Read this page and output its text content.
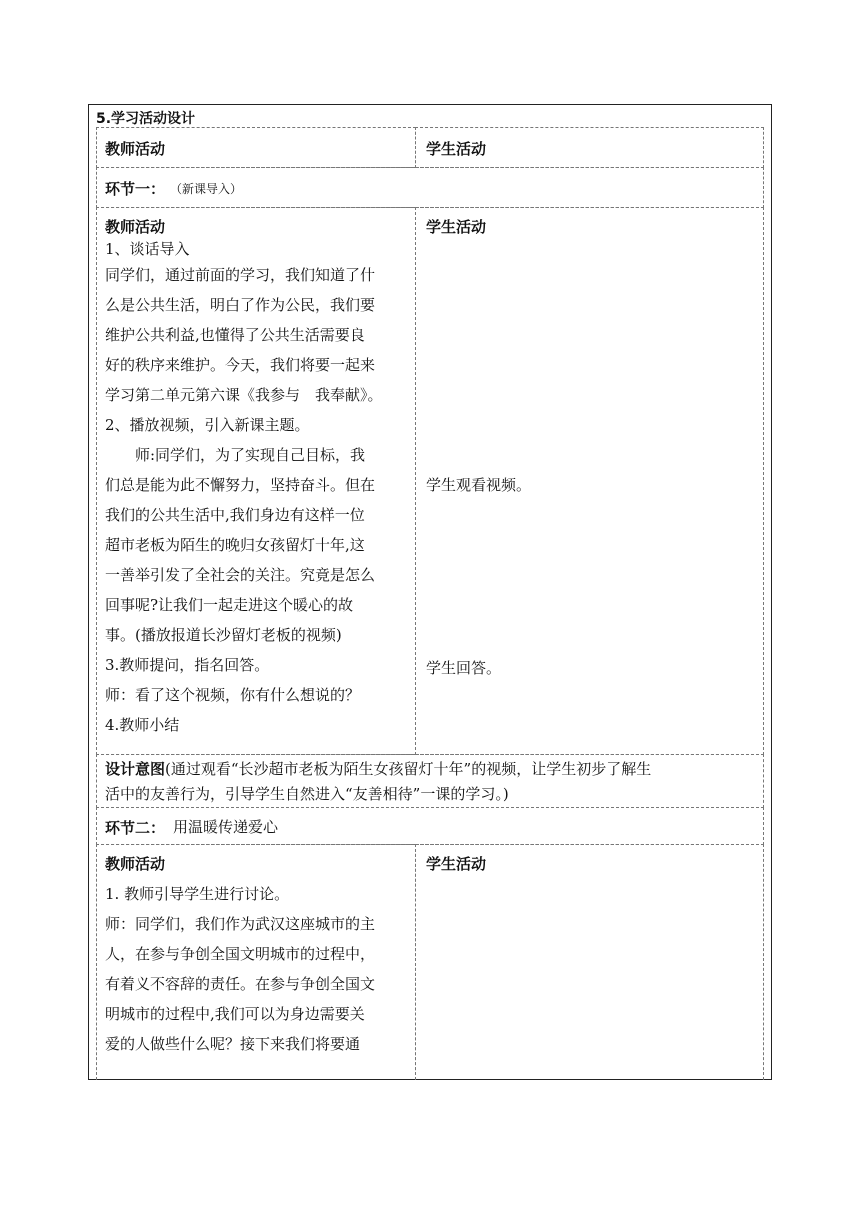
5.学习活动设计
教师活动	学生活动
环节一： （新课导入）
教师活动
1、谈话导入
同学们，通过前面的学习，我们知道了什
么是公共生活，明白了作为公民，我们要
维护公共利益,也懂得了公共生活需要良
好的秩序来维护。今天，我们将要一起来
学习第二单元第六课《我参与　我奉献》。
2、播放视频，引入新课主题。
　　师:同学们，为了实现自己目标，我
们总是能为此不懈努力，坚持奋斗。但在
我们的公共生活中,我们身边有这样一位
超市老板为陌生的晚归女孩留灯十年,这
一善举引发了全社会的关注。究竟是怎么
回事呢?让我们一起走进这个暖心的故
事。(播放报道长沙留灯老板的视频)
3.教师提问，指名回答。
师：看了这个视频，你有什么想说的？
4.教师小结
学生活动
学生观看视频。
学生回答。
设计意图(通过观看“长沙超市老板为陌生女孩留灯十年”的视频，让学生初步了解生
活中的友善行为，引导学生自然进入“友善相待”一课的学习。)
环节二： 用温暖传递爱心
教师活动
1. 教师引导学生进行讨论。
师：同学们，我们作为武汉这座城市的主
人，在参与争创全国文明城市的过程中，
有着义不容辞的责任。在参与争创全国文
明城市的过程中,我们可以为身边需要关
爱的人做些什么呢？接下来我们将要通
学生活动
